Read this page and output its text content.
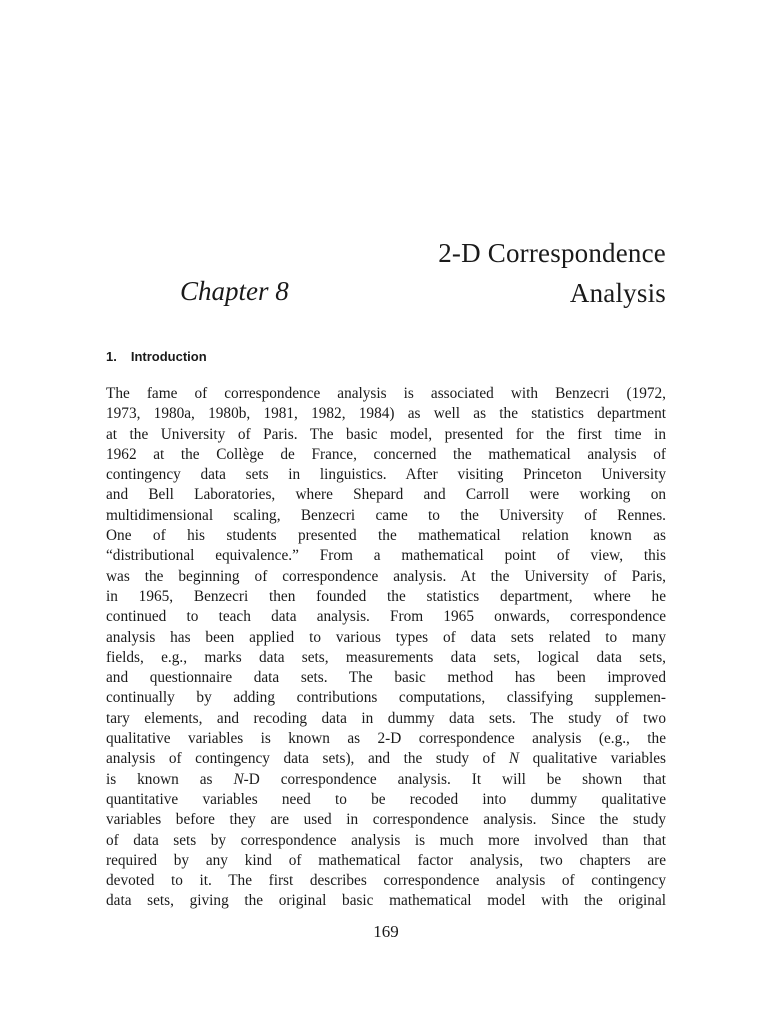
2-D Correspondence
Chapter 8	Analysis
1. Introduction
The fame of correspondence analysis is associated with Benzecri (1972,
1973, 1980a, 1980b, 1981, 1982, 1984) as well as the statistics department
at the University of Paris. The basic model, presented for the first time in
1962 at the Collège de France, concerned the mathematical analysis of
contingency data sets in linguistics. After visiting Princeton University
and Bell Laboratories, where Shepard and Carroll were working on
multidimensional scaling, Benzecri came to the University of Rennes.
One of his students presented the mathematical relation known as
“distributional equivalence.” From a mathematical point of view, this
was the beginning of correspondence analysis. At the University of Paris,
in 1965, Benzecri then founded the statistics department, where he
continued to teach data analysis. From 1965 onwards, correspondence
analysis has been applied to various types of data sets related to many
fields, e.g., marks data sets, measurements data sets, logical data sets,
and questionnaire data sets. The basic method has been improved
continually by adding contributions computations, classifying supplemen-
tary elements, and recoding data in dummy data sets. The study of two
qualitative variables is known as 2-D correspondence analysis (e.g., the
analysis of contingency data sets), and the study of N qualitative variables
is known as N-D correspondence analysis. It will be shown that
quantitative variables need to be recoded into dummy qualitative
variables before they are used in correspondence analysis. Since the study
of data sets by correspondence analysis is much more involved than that
required by any kind of mathematical factor analysis, two chapters are
devoted to it. The first describes correspondence analysis of contingency
data sets, giving the original basic mathematical model with the original
169
